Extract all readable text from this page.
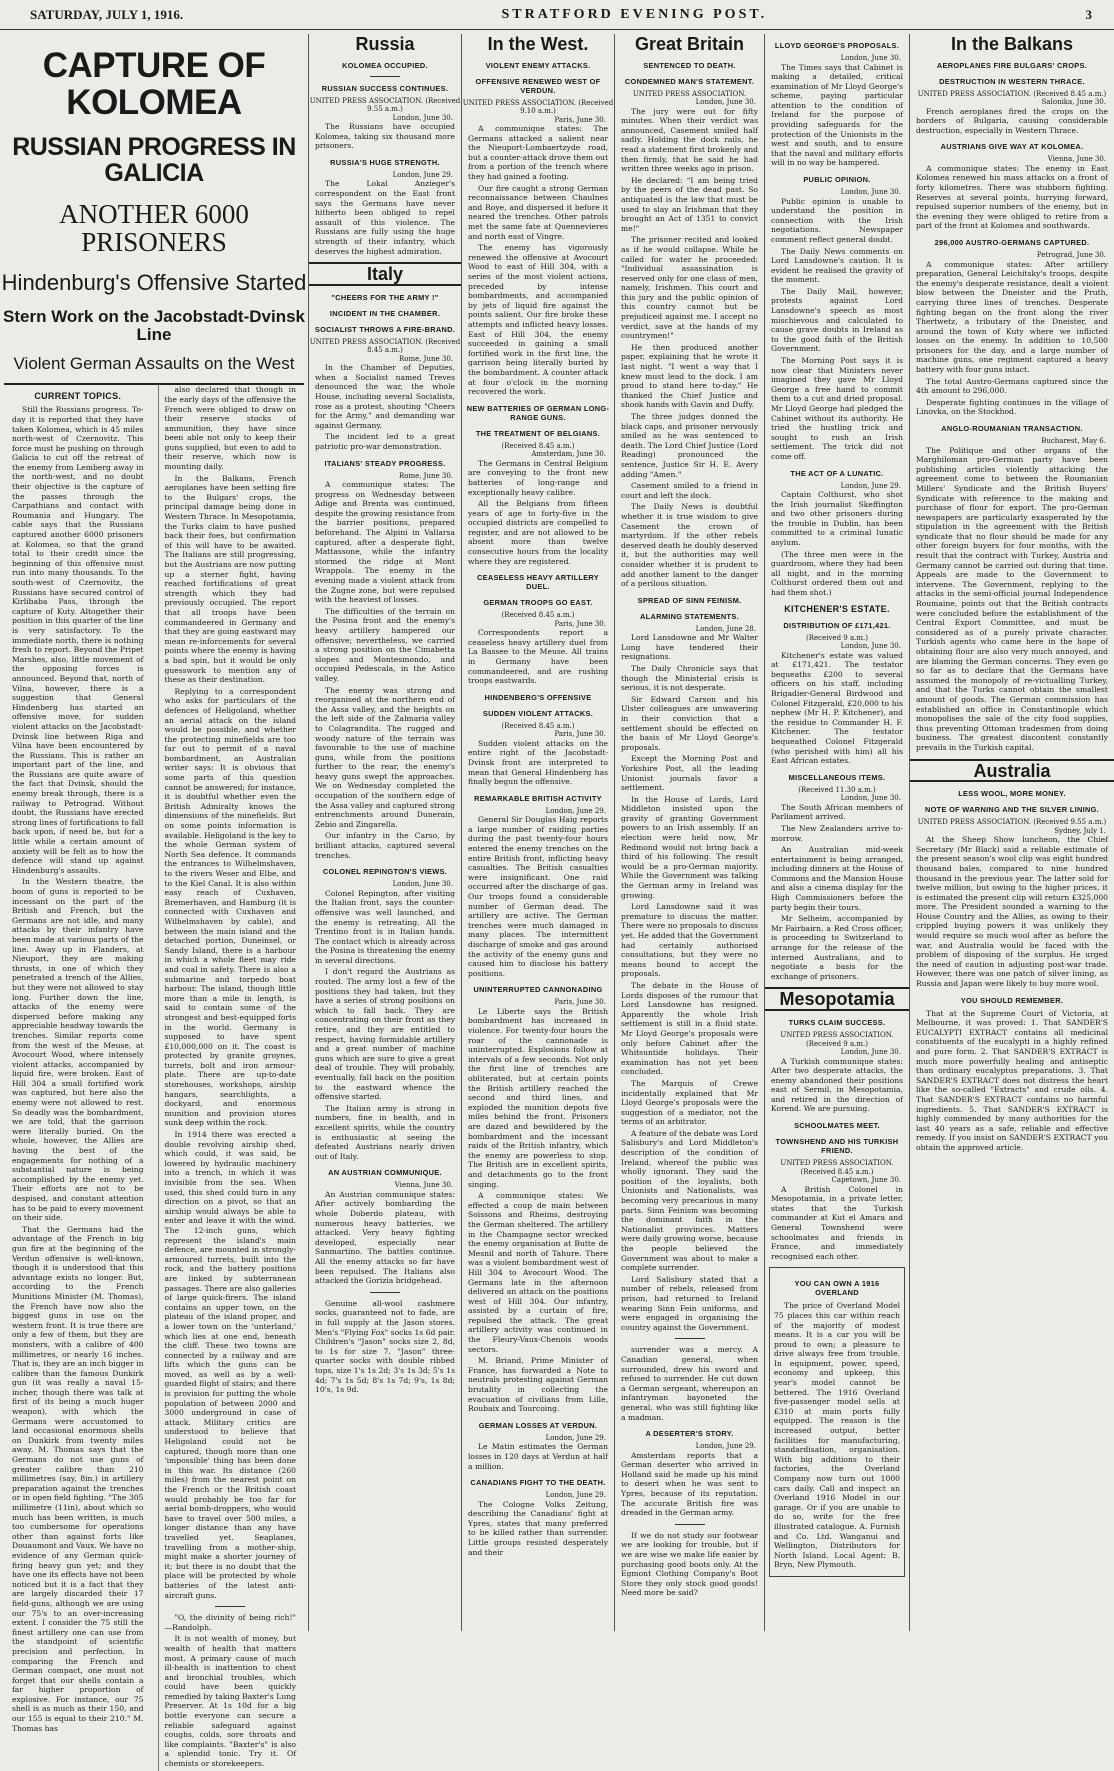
SATURDAY, JULY 1, 1916.	STRATFORD EVENING POST.	3
CAPTURE OF KOLOMEA
RUSSIAN PROGRESS IN GALICIA
ANOTHER 6000 PRISONERS
Hindenburg's Offensive Started
Stern Work on the Jacobstadt-Dvinsk Line
Violent German Assaults on the West
CURRENT TOPICS.

Still the Russians progress. To-day it is reported that they have taken Kolomea, which is 45 miles north-west of Czernovitz. This force must be pushing on through Galicia to cut off the retreat of the enemy from Lemberg away in the north-west, and no doubt their objective is the capture of the passes through the Carpathians and contact with Roumania and Hungary. The cable says that the Russians captured another 6000 prisoners at Kolomea, so that the grand total to their credit since the beginning of this offensive must run into many thousands. To the south-west of Czernovitz, the Russians have secured control of Kirlibaba Pass, through the capture of Kuty. Altogether their position in this quarter of the line is very satisfactory. To the immediate north, there is nothing fresh to report. Beyond the Pripet Marshes, also, little movement of the opposing forces is announced. Beyond that, north of Vilna, however, there is a suggestion that General Hindenberg has started an offensive move, for sudden violent attacks on the Jacobstadt-Dvinsk line between Riga and Vilna have been encountered by the Russians. This is rather an important part of the line, and the Russians are quite aware of the fact that Dvinsk, should the enemy break through, there is a railway to Petrograd. Without doubt, the Russians have erected strong lines of fortifications to fall back upon, if need be, but for a little while a certain amount of anxiety will be felt as to how the defence will stand up against Hindenburg's assaults.

In the Western theatre, the boom of guns is reported to be incessant on the part of the British and French, but the Germans are not idle, and many attacks by their infantry have been made at various parts of the line. Away up in Flanders, at Nieuport, they are making thrusts, in one of which they penetrated a trench of the Allies, but they were not allowed to stay long. Further down the line, attacks of the enemy were dispersed before making any appreciable headway towards the trenches. Similar reports come from the west of the Meuse, at Avocourt Wood, where intensely violent attacks, accompanied by liquid fire, were broken. East of Hill 304 a small fortified work was captured, but here also the enemy were not allowed to rest. So deadly was the bombardment, we are told, that the garrison were literally buried. On the whole, however, the Allies are having the best of the engagements for nothing of a substantial nature is being accomplished by the enemy yet. Their efforts are not to be despised, and constant attention has to be paid to every movement on their side.

That the Germans had the advantage of the French in big gun fire at the beginning of the Verdun offensive is well-known, though it is understood that this advantage exists no longer. But, according to the French Munitions Minister (M. Thomas), the French have now also the biggest guns in use on the western front. It is true there are only a few of them, but they are monsters, with a calibre of 400 millimetres, or nearly 16 inches. That is, they are an inch bigger in calibre than the famous Dunkirk gun (it was really a naval 15-incher, though there was talk at first of its being a much huger weapon), with which the Germans were accustomed to land occasional enormous shells on Dunkirk from twenty miles away. M. Thomas says that the Germans do not use guns of greater calibre than 210 millimetres (say, 8in.) in artillery preparation against the trenches or in open field fighting. "The 305 millimetre (11in), about which so much has been written, is much too cumbersome for operations other than against forts like Douaumont and Vaux. We have no evidence of any German quick-firing heavy gun yet; and they have one its effects have not been noticed but it is a fact that they are largely discarded their 17 field-guns, although we are using our 75's to an over-increasing extent. I consider the 75 still the finest artillery one can use from the standpoint of scientific precision and perfection. In comparing the French and German compact, one must not forget that our shells contain a far higher proportion of explosive. For instance, our 75 shell is as much as their 150, and our 155 is equal to their 210." M. Thomas has

also declared that though in the early days of the offensive the French were obliged to draw on their reserve stocks of ammunition, they have since been able not only to keep their guns supplied, but even to add to their reserve, which now is mounting daily.

In the Balkans, French aeroplanes have been setting fire to the Bulgars' crops, the principal damage being done in Western Thrace. In Mesopotamia, the Turks claim to have pushed back their foes, but confirmation of this will have to be awaited. The Italians are still progressing, but the Austrians are now putting up a sterner fight, having reached fortifications of great strength which they had previously occupied. The report that all troops have been commandeered in Germany and that they are going eastward may mean re-inforcements for several points where the enemy is having a bad spin, but it would be only guesswork to mention any of these as their destination.

Replying to a correspondent who asks for particulars of the defences of Heligoland, whether an aerial attack on the island would be possible, and whether the protecting minefields are too far out to permit of a naval bombardment, an Australian writer says: It is obvious that some parts of this question cannot be answered; for instance, it is doubtful whether even the British Admiralty knows the dimensions of the minefields. But on some points information is available. Heligoland is the key to the whole German system of North Sea defence. It commands the entrances to Wilhelmshaven, to the rivers Weser and Elbe, and to the Kiel Canal. It is also within easy reach of Cuxhaven, Bremerhaven, and Hamburg (it is connected with Cuxhaven and Wilhelmshaven by cable), and between the main island and the detached portion, Duneinsel, or Sandy Island, there is a harbour in which a whole fleet may ride and coal in safety. There is also a submarine and torpedo boat harbour. The island, though little more than a mile in length, is said to contain some of the strongest and best-equipped forts in the world. Germany is supposed to have spent £10,000,000 on it. The coast is protected by granite groynes, turrets, bolt and iron armour-plate. There are up-to-date storehouses, workshops, airship hangars, searchlights, a dockyard, and enormous munition and provision stores sunk deep within the rock.

In 1914 there was erected a double revolving airship shed, which could, it was said, be lowered by hydraulic machinery into a trench, in which it was invisible from the sea. When used, this shed could turn in any direction on a pivot, so that an airship would always be able to enter and leave it with the wind. The 12-inch guns, which represent the island's main defence, are mounted in strongly-armoured turrets, built into the rock, and the battery positions are linked by subterranean passages. There are also galleries of large quick-firers. The island contains an upper town, on the plateau of the island proper, and a lower town on the 'unterland,' which lies at one end, beneath the cliff. These two towns are connected by a railway and are lifts which the guns can be moved, as well as by a well-guarded flight of stairs; and there is provision for putting the whole population of between 2000 and 3000 underground in case of attack. Military critics are understood to believe that Heligoland could not be captured, though more than one 'impossible' thing has been done in this war. Its distance (260 miles) from the nearest point on the French or the British coast would probably be too far for aerial bomb-droppers, who would have to travel over 500 miles, a longer distance than any have travelled yet. Seaplanes, travelling from a mother-ship, might make a shorter journey of it; but there is no doubt that the place will be protected by whole batteries of the latest anti-aircraft guns.

"O, the divinity of being rich!" —Randolph.

It is not wealth of money, but wealth of health that matters most. A primary cause of much ill-health is inattention to chest and bronchial troubles, which could have been quickly remedied by taking Baxter's Lung Preserver. At 1s 10d for a big bottle everyone can secure a reliable safeguard against coughs, colds, sore throats and like complaints. "Baxter's" is also a splendid tonic. Try it. Of chemists or storekeepers.

Russia
KOLOMEA OCCUPIED.
RUSSIAN SUCCESS CONTINUES.
UNITED PRESS ASSOCIATION. (Received 9.55 a.m.)
London, June 30.

The Russians have occupied Kolomea, taking six thousand more prisoners.

RUSSIA'S HUGE STRENGTH.
London, June 29.

The Lokal Anzieger's correspondent on the East front says the Germans have never hitherto been obliged to repel assault of this violence. The Russians are fully using the huge strength of their infantry, which deserves the highest admiration.

Italy
"CHEERS FOR THE ARMY !"
INCIDENT IN THE CHAMBER.
SOCIALIST THROWS A FIRE-BRAND.
UNITED PRESS ASSOCIATION. (Received 8.45 a.m.)
Rome, June 30.

In the Chamber of Deputies, when a Socialist named Treves denounced the war, the whole House, including several Socialists, rose as a protest, shouting "Cheers for the Army," and demanding war against Germany.

The incident led to a great patriotic pro-war demonstration.

ITALIANS' STEADY PROGRESS.
Rome, June 30.

A communique states: The progress on Wednesday between Adige and Brenta was continued, despite the growing resistance from the barrier positions, prepared beforehand. The Alpini in Vallarsa captured, after a desperate fight, Mattassone, while the infantry stormed the ridge at Mont Wrappola. The enemy in the evening made a violent attack from the Zugne zone, but were repulsed with the heaviest of losses.

The difficulties of the terrain on the Posina front and the enemy's heavy artillery hampered our offensive; nevertheless, we carried a strong position on the Cimabetta slopes and Montesmondo, and occupied Pedescala, in the Astico valley.

The enemy was strong and reorganised at the northern end of the Assa valley, and the heights on the left side of the Zalmaria valley to Colagrandita. The rugged and woody nature of the terrain was favourable to the use of machine guns, while from the positions further to the rear, the enemy's heavy guns swept the approaches. We on Wednesday completed the occupation of the southern edge of the Assa valley and captured strong entrenchments around Dunerain, Zebio and Zingarella.

Our infantry in the Carso, by brilliant attacks, captured several trenches.

COLONEL REPINGTON'S VIEWS.
London, June 30.

Colonel Repington, after visiting the Italian front, says the counter-offensive was well launched, and the enemy is retreating. All the Trentino front is in Italian hands. The contact which is already across the Posina is threatening the enemy in several directions.

I don't regard the Austrians as routed. The army lost a few of the positions they had taken, but they have a series of strong positions on which to fall back. They are concentrating on their front as they retire, and they are entitled to respect, having formidable artillery and a great number of machine guns which are sure to give a great deal of trouble. They will probably, eventually, fall back on the position to the eastward whence the offensive started.

The Italian army is strong in numbers, fine in health, and in excellent spirits, while the country is enthusiastic at seeing the defeated Austrians nearly driven out of Italy.

AN AUSTRIAN COMMUNIQUE.
Vienna, June 30.

An Austrian communique states: After actively bombarding the whole Doberdo plateau, with numerous heavy batteries, we attacked. Very heavy fighting developed, especially near Sanmartino. The battles continue. All the enemy attacks so far have been repulsed. The Italians also attacked the Gorizia bridgehead.

Genuine all-wool cashmere socks, guaranteed not to fade, are in full supply at the Jason stores. Men's "Flying Fox" socks 1s 6d pair. Children's "Jason" socks size 2, 8d, to 1s for size 7. "Jason" three-quarter socks with double ribbed tops, size 1's 1s 2d; 3's 1s 3d; 5's 1s 4d; 7's 1s 5d; 8's 1s 7d; 9's, 1s 8d; 10's, 1s 9d.

In the West.
VIOLENT ENEMY ATTACKS.
OFFENSIVE RENEWED WEST OF VERDUN.
UNITED PRESS ASSOCIATION. (Received 9.10 a.m.)
Paris, June 30.

A communique states: The Germans attacked a salient near the Nieuport-Lombaertzyde road, but a counter-attack drove them out from a portion of the trench where they had gained a footing.

Our fire caught a strong German reconnaissance between Chaulnes and Roye, and dispersed it before it neared the trenches. Other patrols met the same fate at Quennevieres and north east of Vingre.

The enemy has vigorously renewed the offensive at Avocourt Wood to east of Hill 304, with a series of the most violent actions, preceded by intense bombardments, and accompanied by jets of liquid fire against the points salient. Our fire broke these attempts and inflicted heavy losses. East of Hill 304, the enemy succeeded in gaining a small fortified work in the first line, the garrison being literally buried by the bombardment. A counter attack at four o'clock in the morning recovered the work.

NEW BATTERIES OF GERMAN LONG-RANGE GUNS.
THE TREATMENT OF BELGIANS.
(Received 8.45 a.m.)
Amsterdam, June 30.

The Germans in Central Belgium are conveying to the front new batteries of long-range and exceptionally heavy calibre.

All the Belgians from fifteen years of age to forty-five in the occupied districts are compelled to register, and are not allowed to be absent more than twelve consecutive hours from the locality where they are registered.

CEASELESS HEAVY ARTILLERY DUEL.
GERMAN TROOPS GO EAST.
(Received 8.45 a.m.)
Paris, June 30.

Correspondents report a ceaseless heavy artillery duel from La Bassee to the Meuse. All trains in Germany have been commandeered, and are rushing troops eastwards.

HINDENBERG'S OFFENSIVE
SUDDEN VIOLENT ATTACKS.
(Received 8.45 a.m.)
Paris, June 30.

Sudden violent attacks on the entire right of the Jacobstadt-Dvinsk front are interpreted to mean that General Hindenberg has finally begun the offensive.

REMARKABLE BRITISH ACTIVITY
London, June 29.

General Sir Douglas Haig reports a large number of raiding parties during the past twenty-four hours entered the enemy trenches on the entire British front, inflicting heavy casualties. The British casualties were insignificant. One raid occurred after the discharge of gas. Our troops found a considerable number of German dead. The artillery are active. The German trenches were much damaged in many places. The intermittent discharge of smoke and gas around the activity of the enemy guns and caused him to disclose his battery positions.

UNINTERRUPTED CANNONADING
Paris, June 30.

Le Liberte says the British bombardment has increased in violence. For twenty-four hours the roar of the cannonade is uninterrupted. Explosions follow at intervals of a few seconds. Not only the first line of trenches are obliterated, but at certain points the British artillery reached the second and third lines, and exploded the munition depots five miles behind the front. Prisoners are dazed and bewildered by the bombardment and the incessant raids of the British infantry, which the enemy are powerless to stop. The British are in excellent spirits, and detachments go to the front singing.

A communique states: We effected a coup de main between Soissons and Rheims, destroying the German sheltered. The artillery in the Champagne sector wrecked the enemy organisation at Butte de Mesnil and north of Tahure. There was a violent bombardment west of Hill 304 to Avocourt Wood. The Germans late in the afternoon delivered an attack on the positions west of Hill 304. Our infantry, assisted by a curtain of fire, repulsed the attack. The great artillery activity was continued in the Fleury-Vaux-Chenois woods sectors.

M. Briand, Prime Minister of France, has forwarded a Note to neutrals protesting against German brutality in collecting the evacuation of civilians from Lille, Roubaix and Tourcoing.

GERMAN LOSSES AT VERDUN.
London, June 29.

Le Matin estimates the German losses in 120 days at Verdun at half a million.

CANADIANS FIGHT TO THE DEATH.
London, June 29.

The Cologne Volks Zeitung, describing the Canadians' fight at Ypres, states that many preferred to be killed rather than surrender. Little groups resisted desperately and their

Great Britain
SENTENCED TO DEATH.
CONDEMNED MAN'S STATEMENT.
UNITED PRESS ASSOCIATION.
London, June 30.

The jury were out for fifty minutes. When their verdict was announced, Casement smiled half sadly. Holding the dock rails, he read a statement first brokenly and then firmly, that he said he had written three weeks ago in prison.

He declared: "I am being tried by the peers of the dead past. So antiquated is the law that must be used to slay an Irishman that they brought an Act of 1351 to convict me!"

The prisoner recited and looked as if he would collapse. While he called for water he proceeded: "Individual assassination is reserved only for one class of men, namely, Irishmen. This court and this jury and the public opinion of this country cannot but be prejudiced against me. I accept no verdict, save at the hands of my countrymen!"

He then produced another paper, explaining that he wrote it last night. "I went a way that I knew must lead to the dock. I am proud to stand here to-day." He thanked the Chief Justice and shook hands with Gavin and Duffy.

The three judges donned the black caps, and prisoner nervously smiled as he was sentenced to death. The Lord Chief Justice (Lord Reading) pronounced the sentence, Justice Sir H. E. Avery adding "Amen."

Casement smiled to a friend in court and left the dock.

The Daily News is doubtful whether it is true wisdom to give Casement the crown of martyrdom. If the other rebels deserved death he doubly deserved it, but the authorities may well consider whether it is prudent to add another lament to the danger of a perilous situation.

SPREAD OF SINN FEINISM.
ALARMING STATEMENTS.
London, June 28.

Lord Lansdowne and Mr Walter Long have tendered their resignations.

The Daily Chronicle says that though the Ministerial crisis is serious, it is not desperate.

Sir Edward Carson and his Ulster colleagues are unwavering in their conviction that a settlement should be effected on the basis of Mr Lloyd George's proposals.

Except the Morning Post and Yorkshire Post, all the leading Unionist journals favor a settlement.

In the House of Lords, Lord Middleton insisted upon the gravity of granting Government powers to an Irish assembly. If an election were held now, Mr Redmond would not bring back a third of his following. The result would be a pro-German majority. While the Government was talking the German army in Ireland was growing.

Lord Lansdowne said it was premature to discuss the matter. There were no proposals to discuss yet. He added that the Government had certainly authorised consultations, but they were no means bound to accept the proposals.

The debate in the House of Lords disposes of the rumour that Lord Lansdowne has resigned. Apparently the whole Irish settlement is still in a fluid state. Mr Lloyd George's proposals were only before Cabinet after the Whitsuntide holidays. Their examination has not yet been concluded.

The Marquis of Crewe incidentally explained that Mr Lloyd George's proposals were the suggestion of a mediator, not the terms of an arbitrator.

A feature of the debate was Lord Salisbury's and Lord Middleton's description of the condition of Ireland, whereof the public was wholly ignorant. They said the position of the loyalists, both Unionists and Nationalists, was becoming very precarious in many parts. Sinn Feinism was becoming the dominant faith in the Nationalist provinces. Matters were daily growing worse, because the people believed the Government was about to make a complete surrender.

Lord Salisbury stated that a number of rebels, released from prison, had returned to Ireland wearing Sinn Fein uniforms, and were engaged in organising the country against the Government.

surrender was a mercy. A Canadian general, when surrounded, drew his sword and refused to surrender. He cut down a German sergeant, whereupon an infantryman bayoneted the general, who was still fighting like a madman.

A DESERTER'S STORY.
London, June 29.

Amsterdam reports that a German deserter who arrived in Holland said he made up his mind to desert when he was sent to Ypres, because of its reputation. The accurate British fire was dreaded in the German army.

If we do not study our footwear we are looking for trouble, but if we are wise we make life easier by purchasing good boots only. At the Egmont Clothing Company's Boot Store they only stock good goods! Need more be said?

LLOYD GEORGE'S PROPOSALS.
London, June 30.

The Times says that Cabinet is making a detailed, critical examination of Mr Lloyd George's scheme, paying particular attention to the condition of Ireland for the purpose of providing safeguards for the protection of the Unionists in the west and south, and to ensure that the naval and military efforts will in no way be hampered.

PUBLIC OPINION.
London, June 30.

Public opinion is unable to understand the position in connection with the Irish negotiations. Newspaper comment reflect general doubt.

The Daily News comments on Lord Lansdowne's caution. It is evident he realised the gravity of the moment.

The Daily Mail, however, protests against Lord Lansdowne's speech as most mischievous and calculated to cause grave doubts in Ireland as to the good faith of the British Government.

The Morning Post says it is now clear that Ministers never imagined they gave Mr Lloyd George a free hand to commit them to a cut and dried proposal. Mr Lloyd George had pledged the Cabinet without its authority. He tried the hustling trick and sought to rush an Irish settlement. The trick did not come off.

THE ACT OF A LUNATIC.
London, June 29.

Captain Colthurst, who shot the Irish journalist Skeffington and two other prisoners during the trouble in Dublin, has been committed to a criminal lunatic asylum.

(The three men were in the guardroom, where they had been all night, and in the morning Colthurst ordered them out and had them shot.)

KITCHENER'S ESTATE.
DISTRIBUTION OF £171,421.
(Received 9 a.m.)
London, June 30.

Kitchener's estate was valued at £171,421. The testator bequeaths £200 to several officers on his staff, including Brigadier-General Birdwood and Colonel Fitzgerald, £20,000 to his nephew (Mr H. P. Kitchener), and the residue to Commander H. F. Kitchener. The testator bequeathed Colonel Fitzgerald (who perished with him) all his East African estates.

MISCELLANEOUS ITEMS.
(Received 11.30 a.m.)
London, June 30.

The South African members of Parliament arrived.

The New Zealanders arrive to-morrow.

An Australian mid-week entertainment is being arranged, including dinners at the House of Commons and the Mansion House and also a cinema display for the High Commissioners before the party begin their tours.

Mr Selheim, accompanied by Mr Fairbairn, a Red Cross officer, is proceeding to Switzerland to arrange for the release of the interned Australians, and to negotiate a basis for the exchange of prisoners.

Mesopotamia
TURKS CLAIM SUCCESS.
UNITED PRESS ASSOCIATION. (Received 9 a.m.)
London, June 30.

A Turkish communique states: After two desperate attacks, the enemy abandoned their positions east of Sermil, in Mesopotamia, and retired in the direction of Korend. We are pursuing.

SCHOOLMATES MEET.
TOWNSHEND AND HIS TURKISH FRIEND.
UNITED PRESS ASSOCIATION. (Received 8.45 a.m.)
Capetown, June 30.

A British Colonel in Mesopotamia, in a private letter, states that the Turkish commander at Kut el Amara and General Townshend were schoolmates and friends in France, and immediately recognised each other.

YOU CAN OWN A 1916 OVERLAND

The price of Overland Model 75 places this car within reach of the majority of modest means. It is a car you will be proud to own; a pleasure to drive always free from trouble. In equipment, power, speed, economy and upkeep, this year's model cannot be bettered. The 1916 Overland five-passenger model sells at £310 at main ports fully equipped. The reason is the increased output, better facilities for manufacturing, standardisation, organisation. With big additions to their factories, the Overland Company now turn out 1000 cars daily. Call and inspect an Overland 1916 Model in our garage. Or if you are unable to do so, write for the free illustrated catalogue. A. Furnish and Co. Ltd. Wanganui and Wellington, Distributors for North Island. Local Agent: B. Bryn, New Plymouth.

In the Balkans
AEROPLANES FIRE BULGARS' CROPS.
DESTRUCTION IN WESTERN THRACE.
UNITED PRESS ASSOCIATION. (Received 8.45 a.m.)
Salonika, June 30.

French aeroplanes fired the crops on the borders of Bulgaria, causing considerable destruction, especially in Western Thrace.

AUSTRIANS GIVE WAY AT KOLOMEA.
Vienna, June 30.

A communique states: The enemy in East Kolomea renewed his mass attacks on a front of forty kilometres. There was stubborn fighting. Reserves at several points, hurrying forward, repulsed superior numbers of the enemy, but in the evening they were obliged to retire from a part of the front at Kolomea and southwards.

296,000 AUSTRO-GERMANS CAPTURED.
Petrograd, June 30.

A communique states: After artillery preparation, General Leichitsky's troops, despite the enemy's desperate resistance, dealt a violent blow between the Dneister and the Pruth, carrying three lines of trenches. Desperate fighting began on the front along the river Thertwetz, a tributary of the Dneister, and around the town of Kuty where we inflicted losses on the enemy. In addition to 10,500 prisoners for the day, and a large number of machine guns, one regiment captured a heavy battery with four guns intact.

The total Austro-Germans captured since the 4th amount to 296,000.

Desperate fighting continues in the village of Linovka, on the Stockhod.

ANGLO-ROUMANIAN TRANSACTION.
Bucharest, May 6.

The Politique and other organs of the Marghiloman pro-German party have been publishing articles violently attacking the agreement come to between the Roumanian Millers' Syndicate and the British Buyers' Syndicate with reference to the making and purchase of flour for export. The pro-German newspapers are particularly exasperated by the stipulation in the agreement with the British syndicate that no flour should be made for any other foreign buyers for four months, with the result that the contract with Turkey, Austria and Germany cannot be carried out during that time. Appeals are made to the Government to intervene. The Government, replying to the attacks in the semi-official journal Independence Roumaine, points out that the British contracts were concluded before the establishment of the Central Export Committee, and must be considered as of a purely private character. Turkish agents who came here in the hope of obtaining flour are also very much annoyed, and are blaming the German concerns. They even go so far as to declare that the Germans have assumed the monopoly of re-victualling Turkey, and that the Turks cannot obtain the smallest amount of goods. The German commission has established an office in Constantinople which monopolises the sale of the city food supplies, thus preventing Ottoman tradesmen from doing business. The greatest discontent constantly prevails in the Turkish capital.

Australia
LESS WOOL, MORE MONEY.
NOTE OF WARNING AND THE SILVER LINING.
UNITED PRESS ASSOCIATION. (Received 9.55 a.m.)
Sydney, July 1.

At the Sheep Show luncheon, the Chief Secretary (Mr Black) said a reliable estimate of the present season's wool clip was eight hundred thousand bales, compared to nine hundred thousand in the previous year. The latter sold for twelve million, but owing to the higher prices, it is estimated the present clip will return £325,000 more. The President sounded a warning to the House Country and the Allies, as owing to their crippled buying powers it was unlikely they would require so much wool after as before the war, and Australia would be faced with the problem of disposing of the surplus. He urged the need of caution in adjusting post-war trade. However, there was one patch of silver lining, as Russia and Japan were likely to buy more wool.

YOU SHOULD REMEMBER.

That at the Supreme Court of Victoria, at Melbourne, it was proved: 1. That SANDER'S EUCALYPTI EXTRACT contains all medicinal constituents of the eucalypti in a highly refined and pure form. 2. That SANDER'S EXTRACT is much more powerfully healing and antiseptic than ordinary eucalyptus preparations. 3. That SANDER'S EXTRACT does not distress the heart like the so-called "Extracts" and crude oils. 4. That SANDER'S EXTRACT contains no harmful ingredients. 5. That SANDER'S EXTRACT is highly commended by many authorities for the last 40 years as a safe, reliable and effective remedy. If you insist on SANDER'S EXTRACT you obtain the approved article.
